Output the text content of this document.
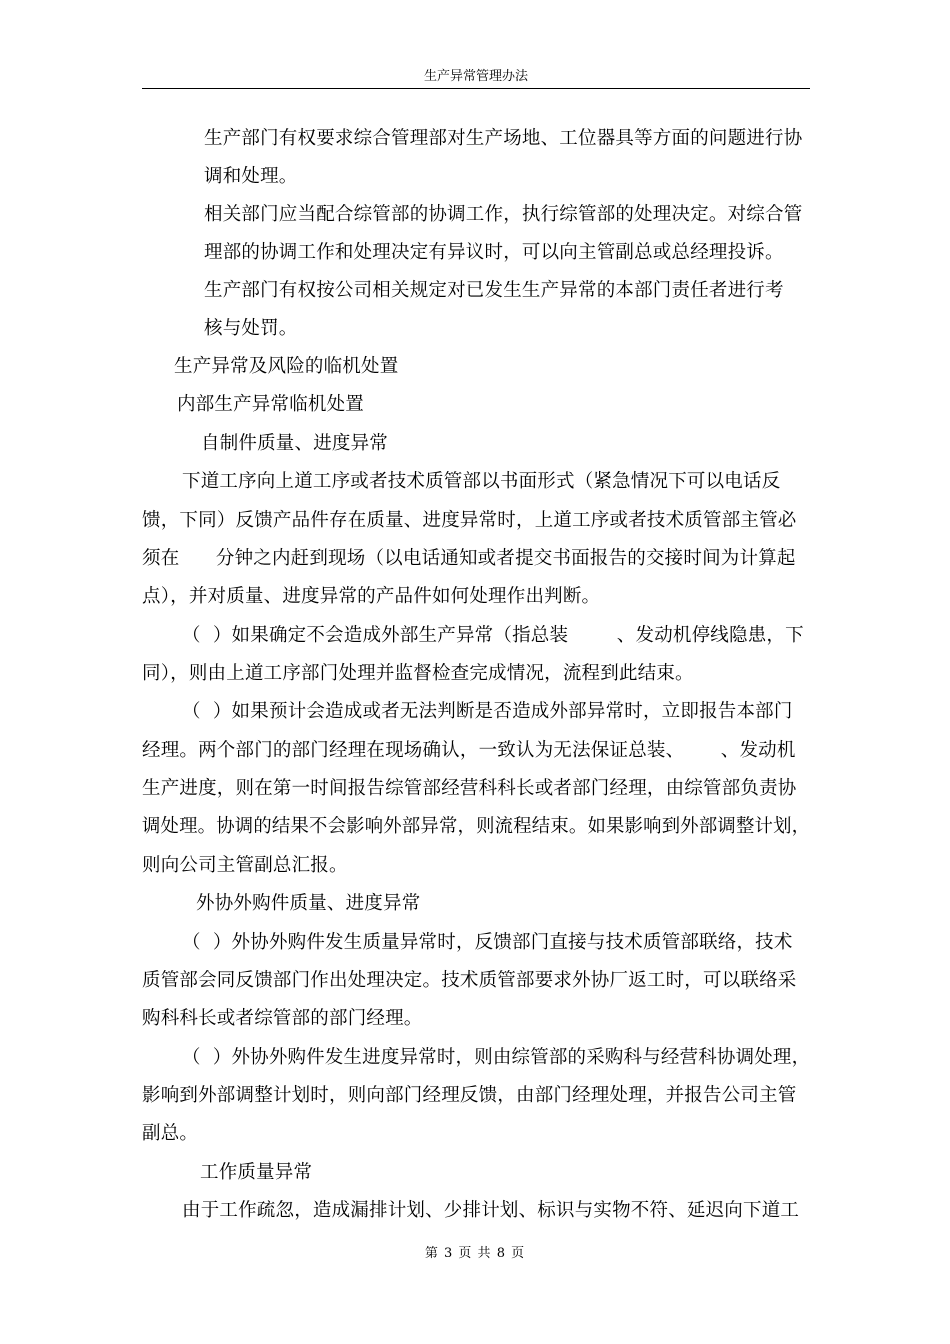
生产异常管理办法
生产部门有权要求综合管理部对生产场地、工位器具等方面的问题进行协
调和处理。
相关部门应当配合综管部的协调工作，执行综管部的处理决定。对综合管
理部的协调工作和处理决定有异议时，可以向主管副总或总经理投诉。
生产部门有权按公司相关规定对已发生生产异常的本部门责任者进行考
核与处罚。
生产异常及风险的临机处置
内部生产异常临机处置
自制件质量、进度异常
下道工序向上道工序或者技术质管部以书面形式（紧急情况下可以电话反
馈，下同）反馈产品件存在质量、进度异常时，上道工序或者技术质管部主管必
须在      分钟之内赶到现场（以电话通知或者提交书面报告的交接时间为计算起
点），并对质量、进度异常的产品件如何处理作出判断。
（  ）如果确定不会造成外部生产异常（指总装        、发动机停线隐患，下
同），则由上道工序部门处理并监督检查完成情况，流程到此结束。
（  ）如果预计会造成或者无法判断是否造成外部异常时，立即报告本部门
经理。两个部门的部门经理在现场确认，一致认为无法保证总装、      、发动机
生产进度，则在第一时间报告综管部经营科科长或者部门经理，由综管部负责协
调处理。协调的结果不会影响外部异常，则流程结束。如果影响到外部调整计划，
则向公司主管副总汇报。
外协外购件质量、进度异常
（  ）外协外购件发生质量异常时，反馈部门直接与技术质管部联络，技术
质管部会同反馈部门作出处理决定。技术质管部要求外协厂返工时，可以联络采
购科科长或者综管部的部门经理。
（  ）外协外购件发生进度异常时，则由综管部的采购科与经营科协调处理，
影响到外部调整计划时，则向部门经理反馈，由部门经理处理，并报告公司主管
副总。
工作质量异常
由于工作疏忽，造成漏排计划、少排计划、标识与实物不符、延迟向下道工
第 3 页 共 8 页
